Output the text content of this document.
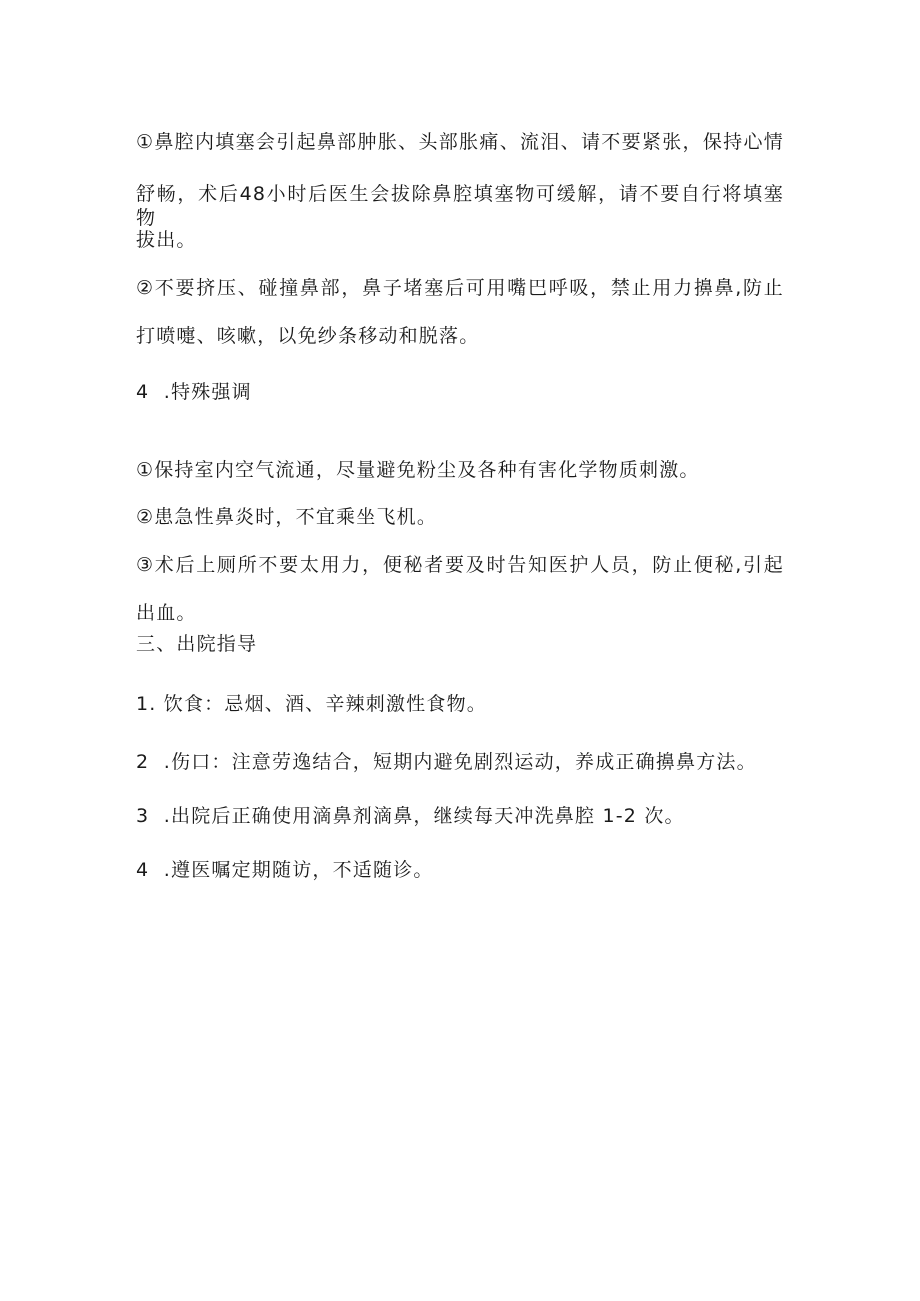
①鼻腔内填塞会引起鼻部肿胀、头部胀痛、流泪、请不要紧张，保持心情
舒畅，术后48小时后医生会拔除鼻腔填塞物可缓解，请不要自行将填塞物
拔出。
②不要挤压、碰撞鼻部，鼻子堵塞后可用嘴巴呼吸，禁止用力擤鼻,防止
打喷嚏、咳嗽，以免纱条移动和脱落。
4  .特殊强调
①保持室内空气流通，尽量避免粉尘及各种有害化学物质刺激。
②患急性鼻炎时，不宜乘坐飞机。
③术后上厕所不要太用力，便秘者要及时告知医护人员，防止便秘,引起
出血。
三、出院指导
1. 饮食：忌烟、酒、辛辣刺激性食物。
2  .伤口：注意劳逸结合，短期内避免剧烈运动，养成正确擤鼻方法。
3  .出院后正确使用滴鼻剂滴鼻，继续每天冲洗鼻腔 1-2 次。
4  .遵医嘱定期随访，不适随诊。
